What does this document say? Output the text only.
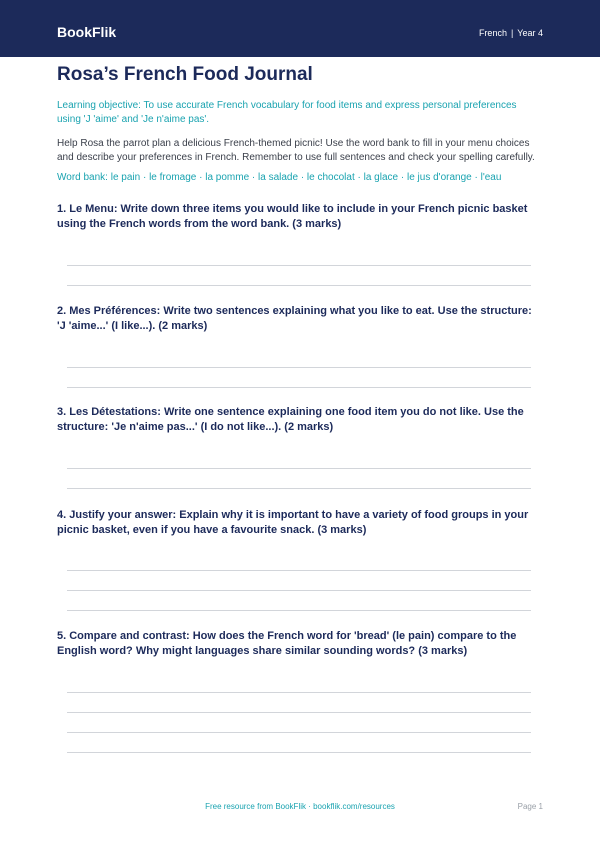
BookFlik	French | Year 4
Rosa’s French Food Journal

Learning objective: To use accurate French vocabulary for food items and express personal preferences using 'J 'aime' and 'Je n'aime pas'.

Help Rosa the parrot plan a delicious French-themed picnic! Use the word bank to fill in your menu choices and describe your preferences in French. Remember to use full sentences and check your spelling carefully.

Word bank: le pain · le fromage · la pomme · la salade · le chocolat · la glace · le jus d'orange · l'eau

1. Le Menu: Write down three items you would like to include in your French picnic basket using the French words from the word bank. (3 marks)

2. Mes Préférences: Write two sentences explaining what you like to eat. Use the structure: 'J 'aime...' (I like...). (2 marks)

3. Les Détestations: Write one sentence explaining one food item you do not like. Use the structure: 'Je n'aime pas...' (I do not like...). (2 marks)

4. Justify your answer: Explain why it is important to have a variety of food groups in your picnic basket, even if you have a favourite snack. (3 marks)

5. Compare and contrast: How does the French word for 'bread' (le pain) compare to the English word? Why might languages share similar sounding words? (3 marks)

Free resource from BookFlik · bookflik.com/resources	Page 1
